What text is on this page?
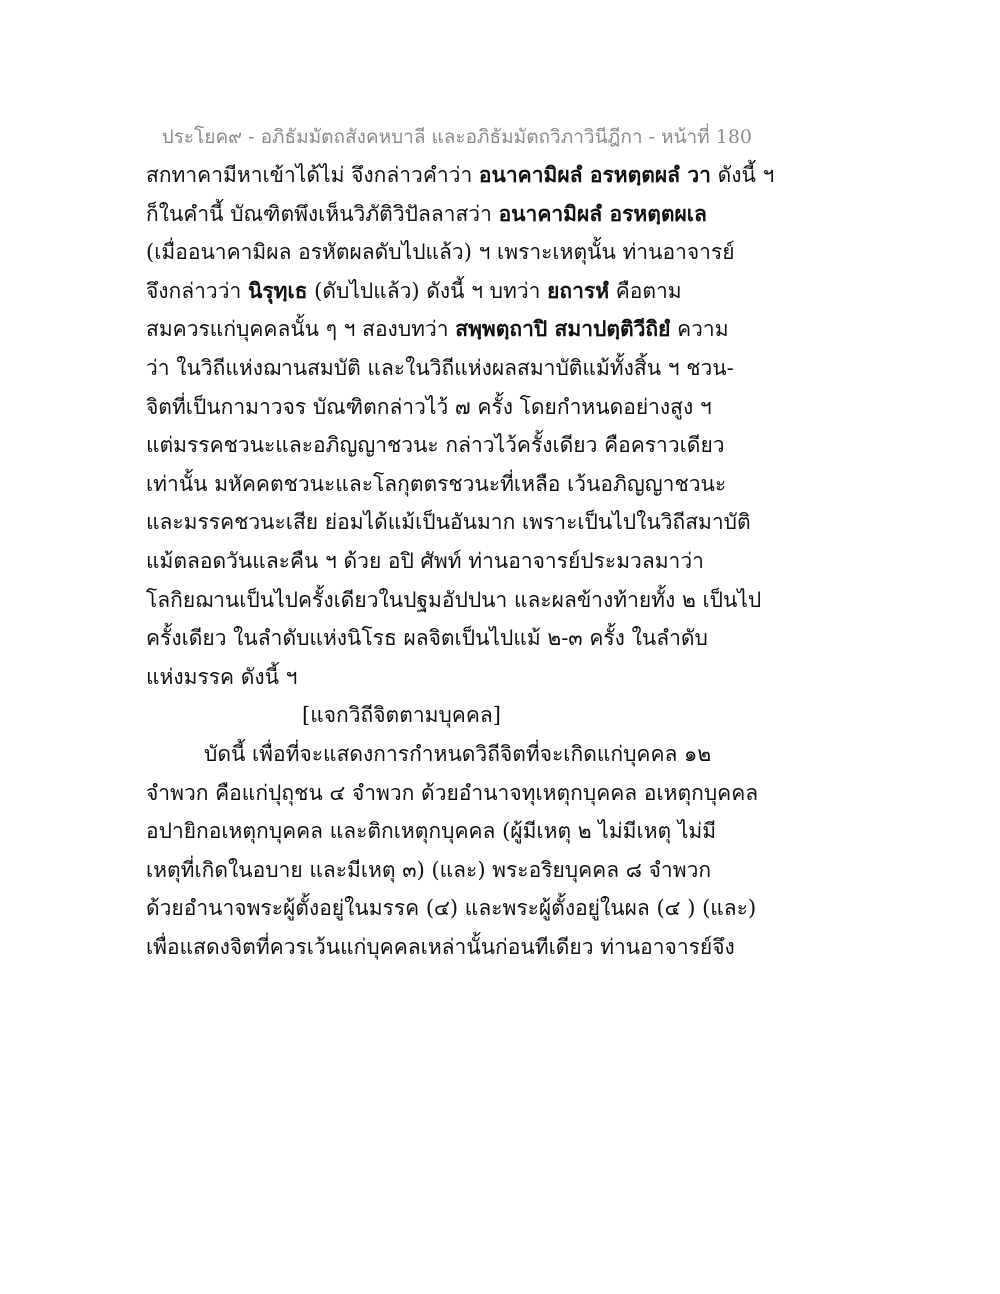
ประโยค๙ - อภิธัมมัตถสังคหบาลี และอภิธัมมัตถวิภาวินีฎีกา - หน้าที่ 180
สกทาคามีหาเข้าได้ไม่ จึงกล่าวคำว่า อนาคามิผลํ อรหตฺตผลํ วา ดังนี้ ฯ
ก็ในคำนี้ บัณฑิตพึงเห็นวิภัติวิปัลลาสว่า อนาคามิผลํ อรหตฺตผเล
(เมื่ออนาคามิผล อรหัตผลดับไปแล้ว) ฯ เพราะเหตุนั้น ท่านอาจารย์
จึงกล่าวว่า นิรุทฺเธ (ดับไปแล้ว) ดังนี้ ฯ บทว่า ยถารหํ คือตาม
สมควรแก่บุคคลนั้น ๆ ฯ สองบทว่า สพฺพตฺถาปิ สมาปตฺติวีถิยํ ความ
ว่า ในวิถีแห่งฌานสมบัติ และในวิถีแห่งผลสมาบัติแม้ทั้งสิ้น ฯ ชวน-
จิตที่เป็นกามาวจร บัณฑิตกล่าวไว้ ๗ ครั้ง โดยกำหนดอย่างสูง ฯ
แต่มรรคชวนะและอภิญญาชวนะ กล่าวไว้ครั้งเดียว คือคราวเดียว
เท่านั้น มหัคคตชวนะและโลกุตตรชวนะที่เหลือ เว้นอภิญญาชวนะ
และมรรคชวนะเสีย ย่อมได้แม้เป็นอันมาก เพราะเป็นไปในวิถีสมาบัติ
แม้ตลอดวันและคืน ฯ ด้วย อปิ ศัพท์ ท่านอาจารย์ประมวลมาว่า
โลกิยฌานเป็นไปครั้งเดียวในปฐมอัปปนา และผลข้างท้ายทั้ง ๒ เป็นไป
ครั้งเดียว ในลำดับแห่งนิโรธ ผลจิตเป็นไปแม้ ๒-๓ ครั้ง ในลำดับ
แห่งมรรค ดังนี้ ฯ
[แจกวิถีจิตตามบุคคล]
บัดนี้ เพื่อที่จะแสดงการกำหนดวิถีจิตที่จะเกิดแก่บุคคล ๑๒
จำพวก คือแก่ปุถุชน ๔ จำพวก ด้วยอำนาจทุเหตุกบุคคล อเหตุกบุคคล
อปายิกอเหตุกบุคคล และติกเหตุกบุคคล (ผู้มีเหตุ ๒ ไม่มีเหตุ ไม่มี
เหตุที่เกิดในอบาย และมีเหตุ ๓) (และ) พระอริยบุคคล ๘ จำพวก
ด้วยอำนาจพระผู้ตั้งอยู่ในมรรค (๔) และพระผู้ตั้งอยู่ในผล (๔ ) (และ)
เพื่อแสดงจิตที่ควรเว้นแก่บุคคลเหล่านั้นก่อนทีเดียว ท่านอาจารย์จึง
